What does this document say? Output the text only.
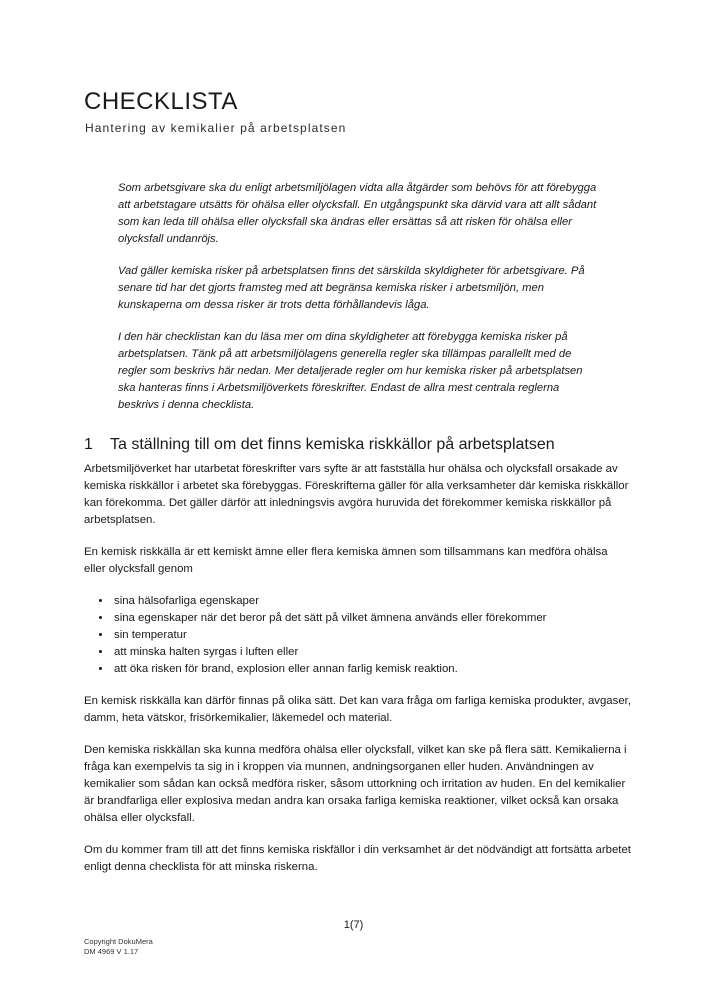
CHECKLISTA
Hantering av kemikalier på arbetsplatsen

Som arbetsgivare ska du enligt arbetsmiljölagen vidta alla åtgärder som behövs för att förebygga att arbetstagare utsätts för ohälsa eller olycksfall. En utgångspunkt ska därvid vara att allt sådant som kan leda till ohälsa eller olycksfall ska ändras eller ersättas så att risken för ohälsa eller olycksfall undanröjs.

Vad gäller kemiska risker på arbetsplatsen finns det särskilda skyldigheter för arbetsgivare. På senare tid har det gjorts framsteg med att begränsa kemiska risker i arbetsmiljön, men kunskaperna om dessa risker är trots detta förhållandevis låga.

I den här checklistan kan du läsa mer om dina skyldigheter att förebygga kemiska risker på arbetsplatsen. Tänk på att arbetsmiljölagens generella regler ska tillämpas parallellt med de regler som beskrivs här nedan. Mer detaljerade regler om hur kemiska risker på arbetsplatsen ska hanteras finns i Arbetsmiljöverkets föreskrifter. Endast de allra mest centrala reglerna beskrivs i denna checklista.

1 Ta ställning till om det finns kemiska riskkällor på arbetsplatsen

Arbetsmiljöverket har utarbetat föreskrifter vars syfte är att fastställa hur ohälsa och olycksfall orsakade av kemiska riskkällor i arbetet ska förebyggas. Föreskrifterna gäller för alla verksamheter där kemiska riskkällor kan förekomma. Det gäller därför att inledningsvis avgöra huruvida det förekommer kemiska riskkällor på arbetsplatsen.

En kemisk riskkälla är ett kemiskt ämne eller flera kemiska ämnen som tillsammans kan medföra ohälsa eller olycksfall genom

• sina hälsofarliga egenskaper
• sina egenskaper när det beror på det sätt på vilket ämnena används eller förekommer
• sin temperatur
• att minska halten syrgas i luften eller
• att öka risken för brand, explosion eller annan farlig kemisk reaktion.

En kemisk riskkälla kan därför finnas på olika sätt. Det kan vara fråga om farliga kemiska produkter, avgaser, damm, heta vätskor, frisörkemikalier, läkemedel och material.

Den kemiska riskkällan ska kunna medföra ohälsa eller olycksfall, vilket kan ske på flera sätt. Kemikalierna i fråga kan exempelvis ta sig in i kroppen via munnen, andningsorganen eller huden. Användningen av kemikalier som sådan kan också medföra risker, såsom uttorkning och irritation av huden. En del kemikalier är brandfarliga eller explosiva medan andra kan orsaka farliga kemiska reaktioner, vilket också kan orsaka ohälsa eller olycksfall.

Om du kommer fram till att det finns kemiska riskfällor i din verksamhet är det nödvändigt att fortsätta arbetet enligt denna checklista för att minska riskerna.

1(7)
Copyright DokuMera
DM 4969 V 1.17
